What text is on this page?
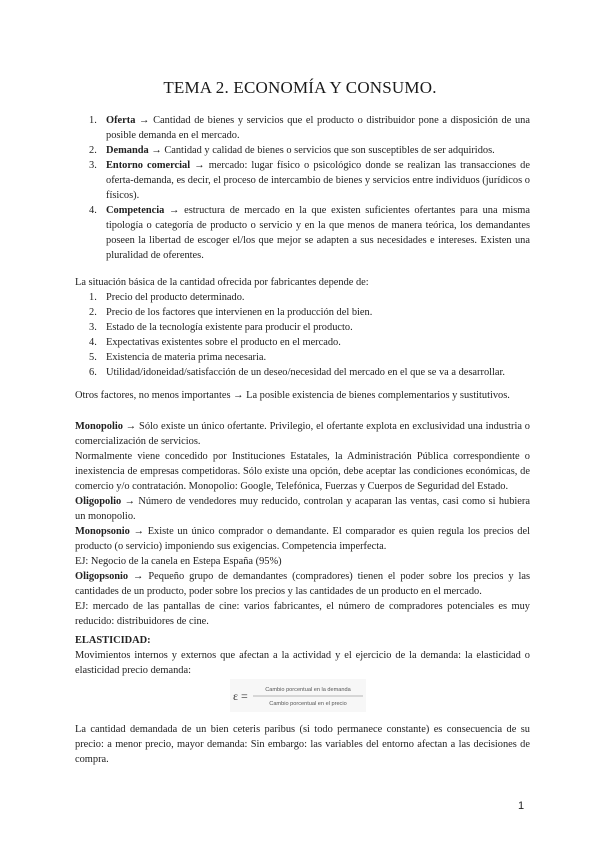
TEMA 2. ECONOMÍA Y CONSUMO.
1. Oferta → Cantidad de bienes y servicios que el producto o distribuidor pone a disposición de una posible demanda en el mercado.
2. Demanda → Cantidad y calidad de bienes o servicios que son susceptibles de ser adquiridos.
3. Entorno comercial → mercado: lugar físico o psicológico donde se realizan las transacciones de oferta-demanda, es decir, el proceso de intercambio de bienes y servicios entre individuos (jurídicos o físicos).
4. Competencia → estructura de mercado en la que existen suficientes ofertantes para una misma tipología o categoría de producto o servicio y en la que menos de manera teórica, los demandantes poseen la libertad de escoger el/los que mejor se adapten a sus necesidades e intereses. Existen una pluralidad de oferentes.
La situación básica de la cantidad ofrecida por fabricantes depende de:
1. Precio del producto determinado.
2. Precio de los factores que intervienen en la producción del bien.
3. Estado de la tecnología existente para producir el producto.
4. Expectativas existentes sobre el producto en el mercado.
5. Existencia de materia prima necesaria.
6. Utilidad/idoneidad/satisfacción de un deseo/necesidad del mercado en el que se va a desarrollar.
Otros factores, no menos importantes → La posible existencia de bienes complementarios y sustitutivos.
Monopolio → Sólo existe un único ofertante. Privilegio, el ofertante explota en exclusividad una industria o comercialización de servicios.
Normalmente viene concedido por Instituciones Estatales, la Administración Pública correspondiente o inexistencia de empresas competidoras. Sólo existe una opción, debe aceptar las condiciones económicas, de comercio y/o contratación. Monopolio: Google, Telefónica, Fuerzas y Cuerpos de Seguridad del Estado.
Oligopolio → Número de vendedores muy reducido, controlan y acaparan las ventas, casi como si hubiera un monopolio.
Monopsonio → Existe un único comprador o demandante. El comparador es quien regula los precios del producto (o servicio) imponiendo sus exigencias. Competencia imperfecta.
EJ: Negocio de la canela en Estepa España (95%)
Oligopsonio → Pequeño grupo de demandantes (compradores) tienen el poder sobre los precios y las cantidades de un producto, poder sobre los precios y las cantidades de un producto en el mercado.
EJ: mercado de las pantallas de cine: varios fabricantes, el número de compradores potenciales es muy reducido: distribuidores de cine.
ELASTICIDAD:
Movimientos internos y externos que afectan a la actividad y el ejercicio de la demanda: la elasticidad o elasticidad precio demanda:
ε =	Cambio porcentual en la demanda
Cambio porcentual en el precio
La cantidad demandada de un bien ceteris paribus (si todo permanece constante) es consecuencia de su precio: a menor precio, mayor demanda: Sin embargo: las variables del entorno afectan a las decisiones de compra.
1
